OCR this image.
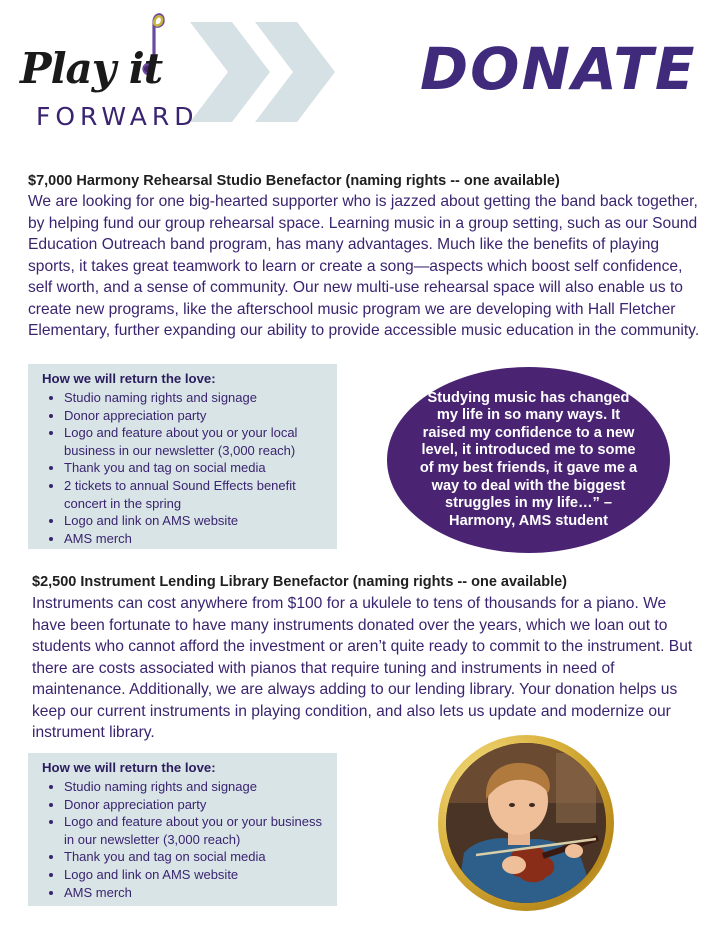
Play it
FORWARD
DONATE
$7,000 Harmony Rehearsal Studio Benefactor (naming rights -- one available)
We are looking for one big-hearted supporter who is jazzed about getting the band back together, by helping fund our group rehearsal space. Learning music in a group setting, such as our Sound Education Outreach band program, has many advantages. Much like the benefits of playing sports, it takes great teamwork to learn or create a song—aspects which boost self confidence, self worth, and a sense of community. Our new multi-use rehearsal space will also enable us to create new programs, like the afterschool music program we are developing with Hall Fletcher Elementary, further expanding our ability to provide accessible music education in the community.
How we will return the love:
• Studio naming rights and signage
• Donor appreciation party
• Logo and feature about you or your local business in our newsletter (3,000 reach)
• Thank you and tag on social media
• 2 tickets to annual Sound Effects benefit concert in the spring
• Logo and link on AMS website
• AMS merch
Studying music has changed my life in so many ways. It raised my confidence to a new level, it introduced me to some of my best friends, it gave me a way to deal with the biggest struggles in my life…” – Harmony, AMS student
$2,500 Instrument Lending Library Benefactor (naming rights -- one available)
Instruments can cost anywhere from $100 for a ukulele to tens of thousands for a piano. We have been fortunate to have many instruments donated over the years, which we loan out to students who cannot afford the investment or aren’t quite ready to commit to the instrument. But there are costs associated with pianos that require tuning and instruments in need of maintenance. Additionally, we are always adding to our lending library. Your donation helps us keep our current instruments in playing condition, and also lets us update and modernize our instrument library.
How we will return the love:
• Studio naming rights and signage
• Donor appreciation party
• Logo and feature about you or your business in our newsletter (3,000 reach)
• Thank you and tag on social media
• Logo and link on AMS website
• AMS merch
